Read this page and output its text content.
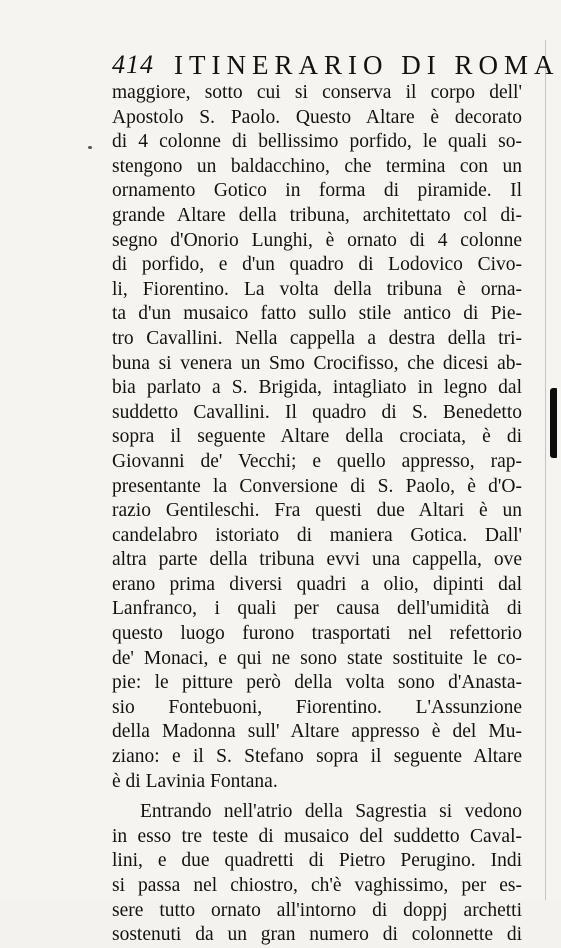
414 ITINERARIO DI ROMA
maggiore, sotto cui si conserva il corpo dell'
Apostolo S. Paolo. Questo Altare è decorato
di 4 colonne di bellissimo porfido, le quali so-
stengono un baldacchino, che termina con un
ornamento Gotico in forma di piramide. Il
grande Altare della tribuna, architettato col di-
segno d'Onorio Lunghi, è ornato di 4 colonne
di porfido, e d'un quadro di Lodovico Civo-
li, Fiorentino. La volta della tribuna è orna-
ta d'un musaico fatto sullo stile antico di Pie-
tro Cavallini. Nella cappella a destra della tri-
buna si venera un Smo Crocifisso, che dicesi ab-
bia parlato a S. Brigida, intagliato in legno dal
suddetto Cavallini. Il quadro di S. Benedetto
sopra il seguente Altare della crociata, è di
Giovanni de' Vecchi; e quello appresso, rap-
presentante la Conversione di S. Paolo, è d'O-
razio Gentileschi. Fra questi due Altari è un
candelabro istoriato di maniera Gotica. Dall'
altra parte della tribuna evvi una cappella, ove
erano prima diversi quadri a olio, dipinti dal
Lanfranco, i quali per causa dell'umidità di
questo luogo furono trasportati nel refettorio
de' Monaci, e qui ne sono state sostituite le co-
pie: le pitture però della volta sono d'Anasta-
sio Fontebuoni, Fiorentino. L'Assunzione
della Madonna sull' Altare appresso è del Mu-
ziano: e il S. Stefano sopra il seguente Altare
è di Lavinia Fontana.
Entrando nell'atrio della Sagrestia si vedono
in esso tre teste di musaico del suddetto Caval-
lini, e due quadretti di Pietro Perugino. Indi
si passa nel chiostro, ch'è vaghissimo, per es-
sere tutto ornato all'intorno di doppj archetti
sostenuti da un gran numero di colonnette di
